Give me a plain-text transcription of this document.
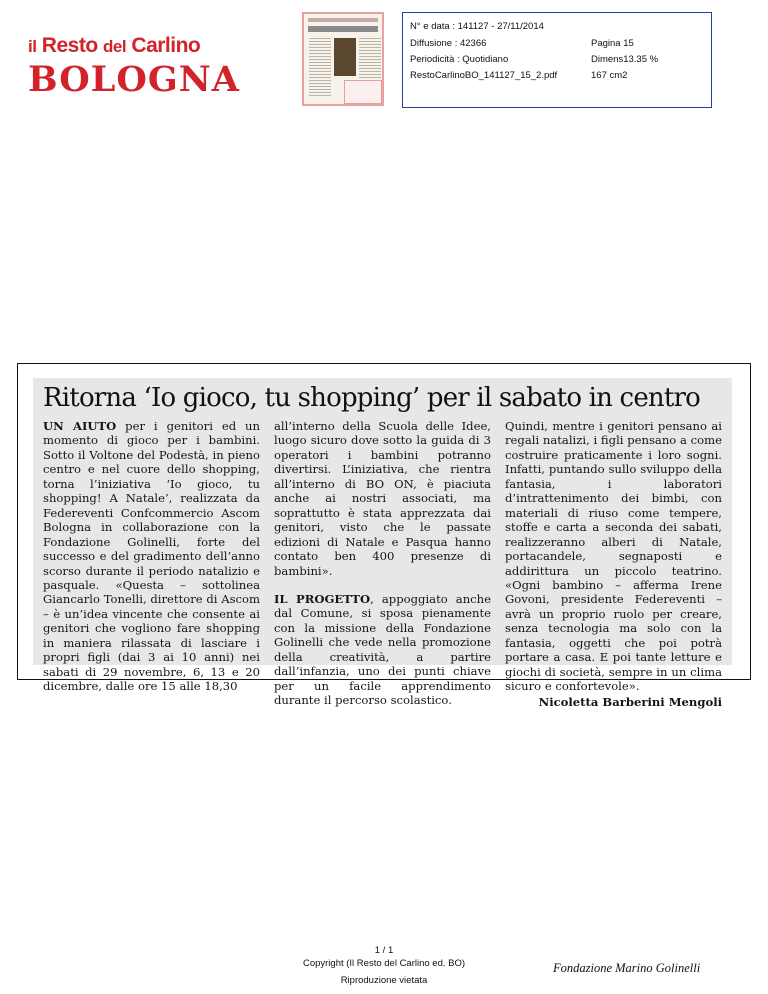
il Resto del Carlino
BOLOGNA
N° e data : 141127 - 27/11/2014
Diffusione : 42366
Periodicità : Quotidiano
RestoCarlinoBO_141127_15_2.pdf
Pagina 15
Dimens13.35 %
167 cm2
Ritorna ‘Io gioco, tu shopping’ per il sabato in centro

UN AIUTO per i genitori ed un momento di gioco per i bambini. Sotto il Voltone del Podestà, in pieno centro e nel cuore dello shopping, torna l’iniziativa ‘Io gioco, tu shopping! A Natale’, realizzata da Federeventi Confcommercio Ascom Bologna in collaborazione con la Fondazione Golinelli, forte del successo e del gradimento dell’anno scorso durante il periodo natalizio e pasquale. «Questa – sottolinea Giancarlo Tonelli, direttore di Ascom – è un’idea vincente che consente ai genitori che vogliono fare shopping in maniera rilassata di lasciare i propri figli (dai 3 ai 10 anni) nei sabati di 29 novembre, 6, 13 e 20 dicembre, dalle ore 15 alle 18,30

all’interno della Scuola delle Idee, luogo sicuro dove sotto la guida di 3 operatori i bambini potranno divertirsi. L’iniziativa, che rientra all’interno di BO ON, è piaciuta anche ai nostri associati, ma soprattutto è stata apprezzata dai genitori, visto che le passate edizioni di Natale e Pasqua hanno contato ben 400 presenze di bambini».

IL PROGETTO, appoggiato anche dal Comune, si sposa pienamente con la missione della Fondazione Golinelli che vede nella promozione della creatività, a partire dall’infanzia, uno dei punti chiave per un facile apprendimento durante il percorso scolastico.

Quindi, mentre i genitori pensano ai regali natalizi, i figli pensano a come costruire praticamente i loro sogni. Infatti, puntando sullo sviluppo della fantasia, i laboratori d’intrattenimento dei bimbi, con materiali di riuso come tempere, stoffe e carta a seconda dei sabati, realizzeranno alberi di Natale, portacandele, segnaposti e addirittura un piccolo teatrino. «Ogni bambino – afferma Irene Govoni, presidente Federeventi – avrà un proprio ruolo per creare, senza tecnologia ma solo con la fantasia, oggetti che poi potrà portare a casa. E poi tante letture e giochi di società, sempre in un clima sicuro e confortevole».

Nicoletta Barberini Mengoli
1 / 1
Copyright (Il Resto del Carlino ed. BO)
Riproduzione vietata
Fondazione Marino Golinelli
